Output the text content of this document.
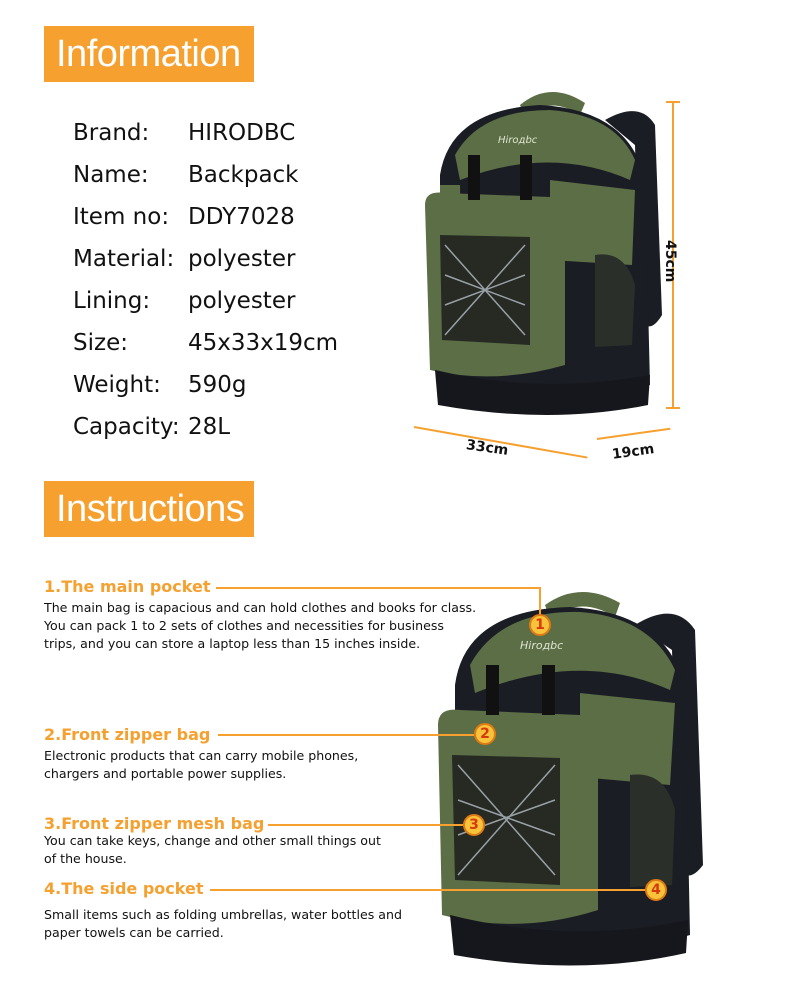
Information
Brand:	HIRODBC
Name:	Backpack
Item no: DDY7028
Material: polyester
Lining:	polyester
Size:	45x33x19cm
Weight:	590g
Capacity: 28L
Hiroдbc
45cm
33cm	19cm
Instructions
Hiroдbc
1.The main pocket
1
The main bag is capacious and can hold clothes and books for class.
You can pack 1 to 2 sets of clothes and necessities for business
trips, and you can store a laptop less than 15 inches inside.
2.Front zipper bag	2
Electronic products that can carry mobile phones,
chargers and portable power supplies.
3.Front zipper mesh bag	3
You can take keys, change and other small things out
of the house.
4.The side pocket	4
Small items such as folding umbrellas, water bottles and
paper towels can be carried.
